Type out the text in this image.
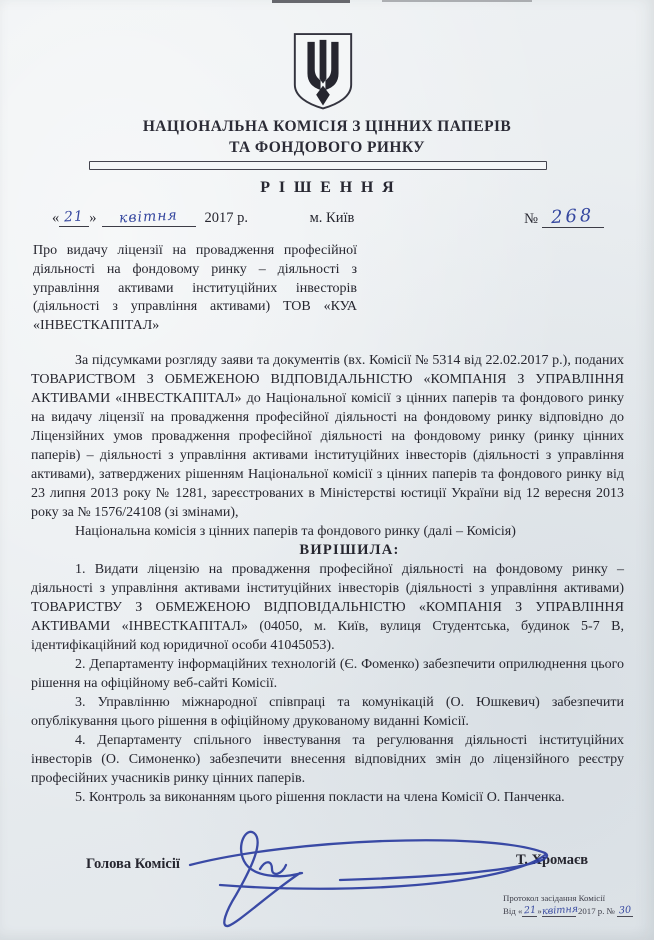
НАЦІОНАЛЬНА КОМІСІЯ З ЦІННИХ ПАПЕРІВ
ТА ФОНДОВОГО РИНКУ
РІШЕННЯ
« 21 » квітня 2017 р.	м. Київ	№ 268
Про видачу ліцензії на провадження професійної діяльності на фондовому ринку – діяльності з управління активами інституційних інвесторів (діяльності з управління активами) ТОВ «КУА «ІНВЕСТКАПІТАЛ»

За підсумками розгляду заяви та документів (вх. Комісії № 5314 від 22.02.2017 р.), поданих ТОВАРИСТВОМ З ОБМЕЖЕНОЮ ВІДПОВІДАЛЬНІСТЮ «КОМПАНІЯ З УПРАВЛІННЯ АКТИВАМИ «ІНВЕСТКАПІТАЛ» до Національної комісії з цінних паперів та фондового ринку на видачу ліцензії на провадження професійної діяльності на фондовому ринку відповідно до Ліцензійних умов провадження професійної діяльності на фондовому ринку (ринку цінних паперів) – діяльності з управління активами інституційних інвесторів (діяльності з управління активами), затверджених рішенням Національної комісії з цінних паперів та фондового ринку від 23 липня 2013 року № 1281, зареєстрованих в Міністерстві юстиції України від 12 вересня 2013 року за № 1576/24108 (зі змінами),

Національна комісія з цінних паперів та фондового ринку (далі – Комісія)

ВИРІШИЛА:

1. Видати ліцензію на провадження професійної діяльності на фондовому ринку – діяльності з управління активами інституційних інвесторів (діяльності з управління активами) ТОВАРИСТВУ З ОБМЕЖЕНОЮ ВІДПОВІДАЛЬНІСТЮ «КОМПАНІЯ З УПРАВЛІННЯ АКТИВАМИ «ІНВЕСТКАПІТАЛ» (04050, м. Київ, вулиця Студентська, будинок 5-7 В, ідентифікаційний код юридичної особи 41045053).

2. Департаменту інформаційних технологій (Є. Фоменко) забезпечити оприлюднення цього рішення на офіційному веб-сайті Комісії.

3. Управлінню міжнародної співпраці та комунікацій (О. Юшкевич) забезпечити опублікування цього рішення в офіційному друкованому виданні Комісії.

4. Департаменту спільного інвестування та регулювання діяльності інституційних інвесторів (О. Симоненко) забезпечити внесення відповідних змін до ліцензійного реєстру професійних учасників ринку цінних паперів.

5. Контроль за виконанням цього рішення покласти на члена Комісії О. Панченка.

Голова Комісії	Т. Хромаєв
Протокол засідання Комісії
Від «21»квітня 2017 р. № 30
